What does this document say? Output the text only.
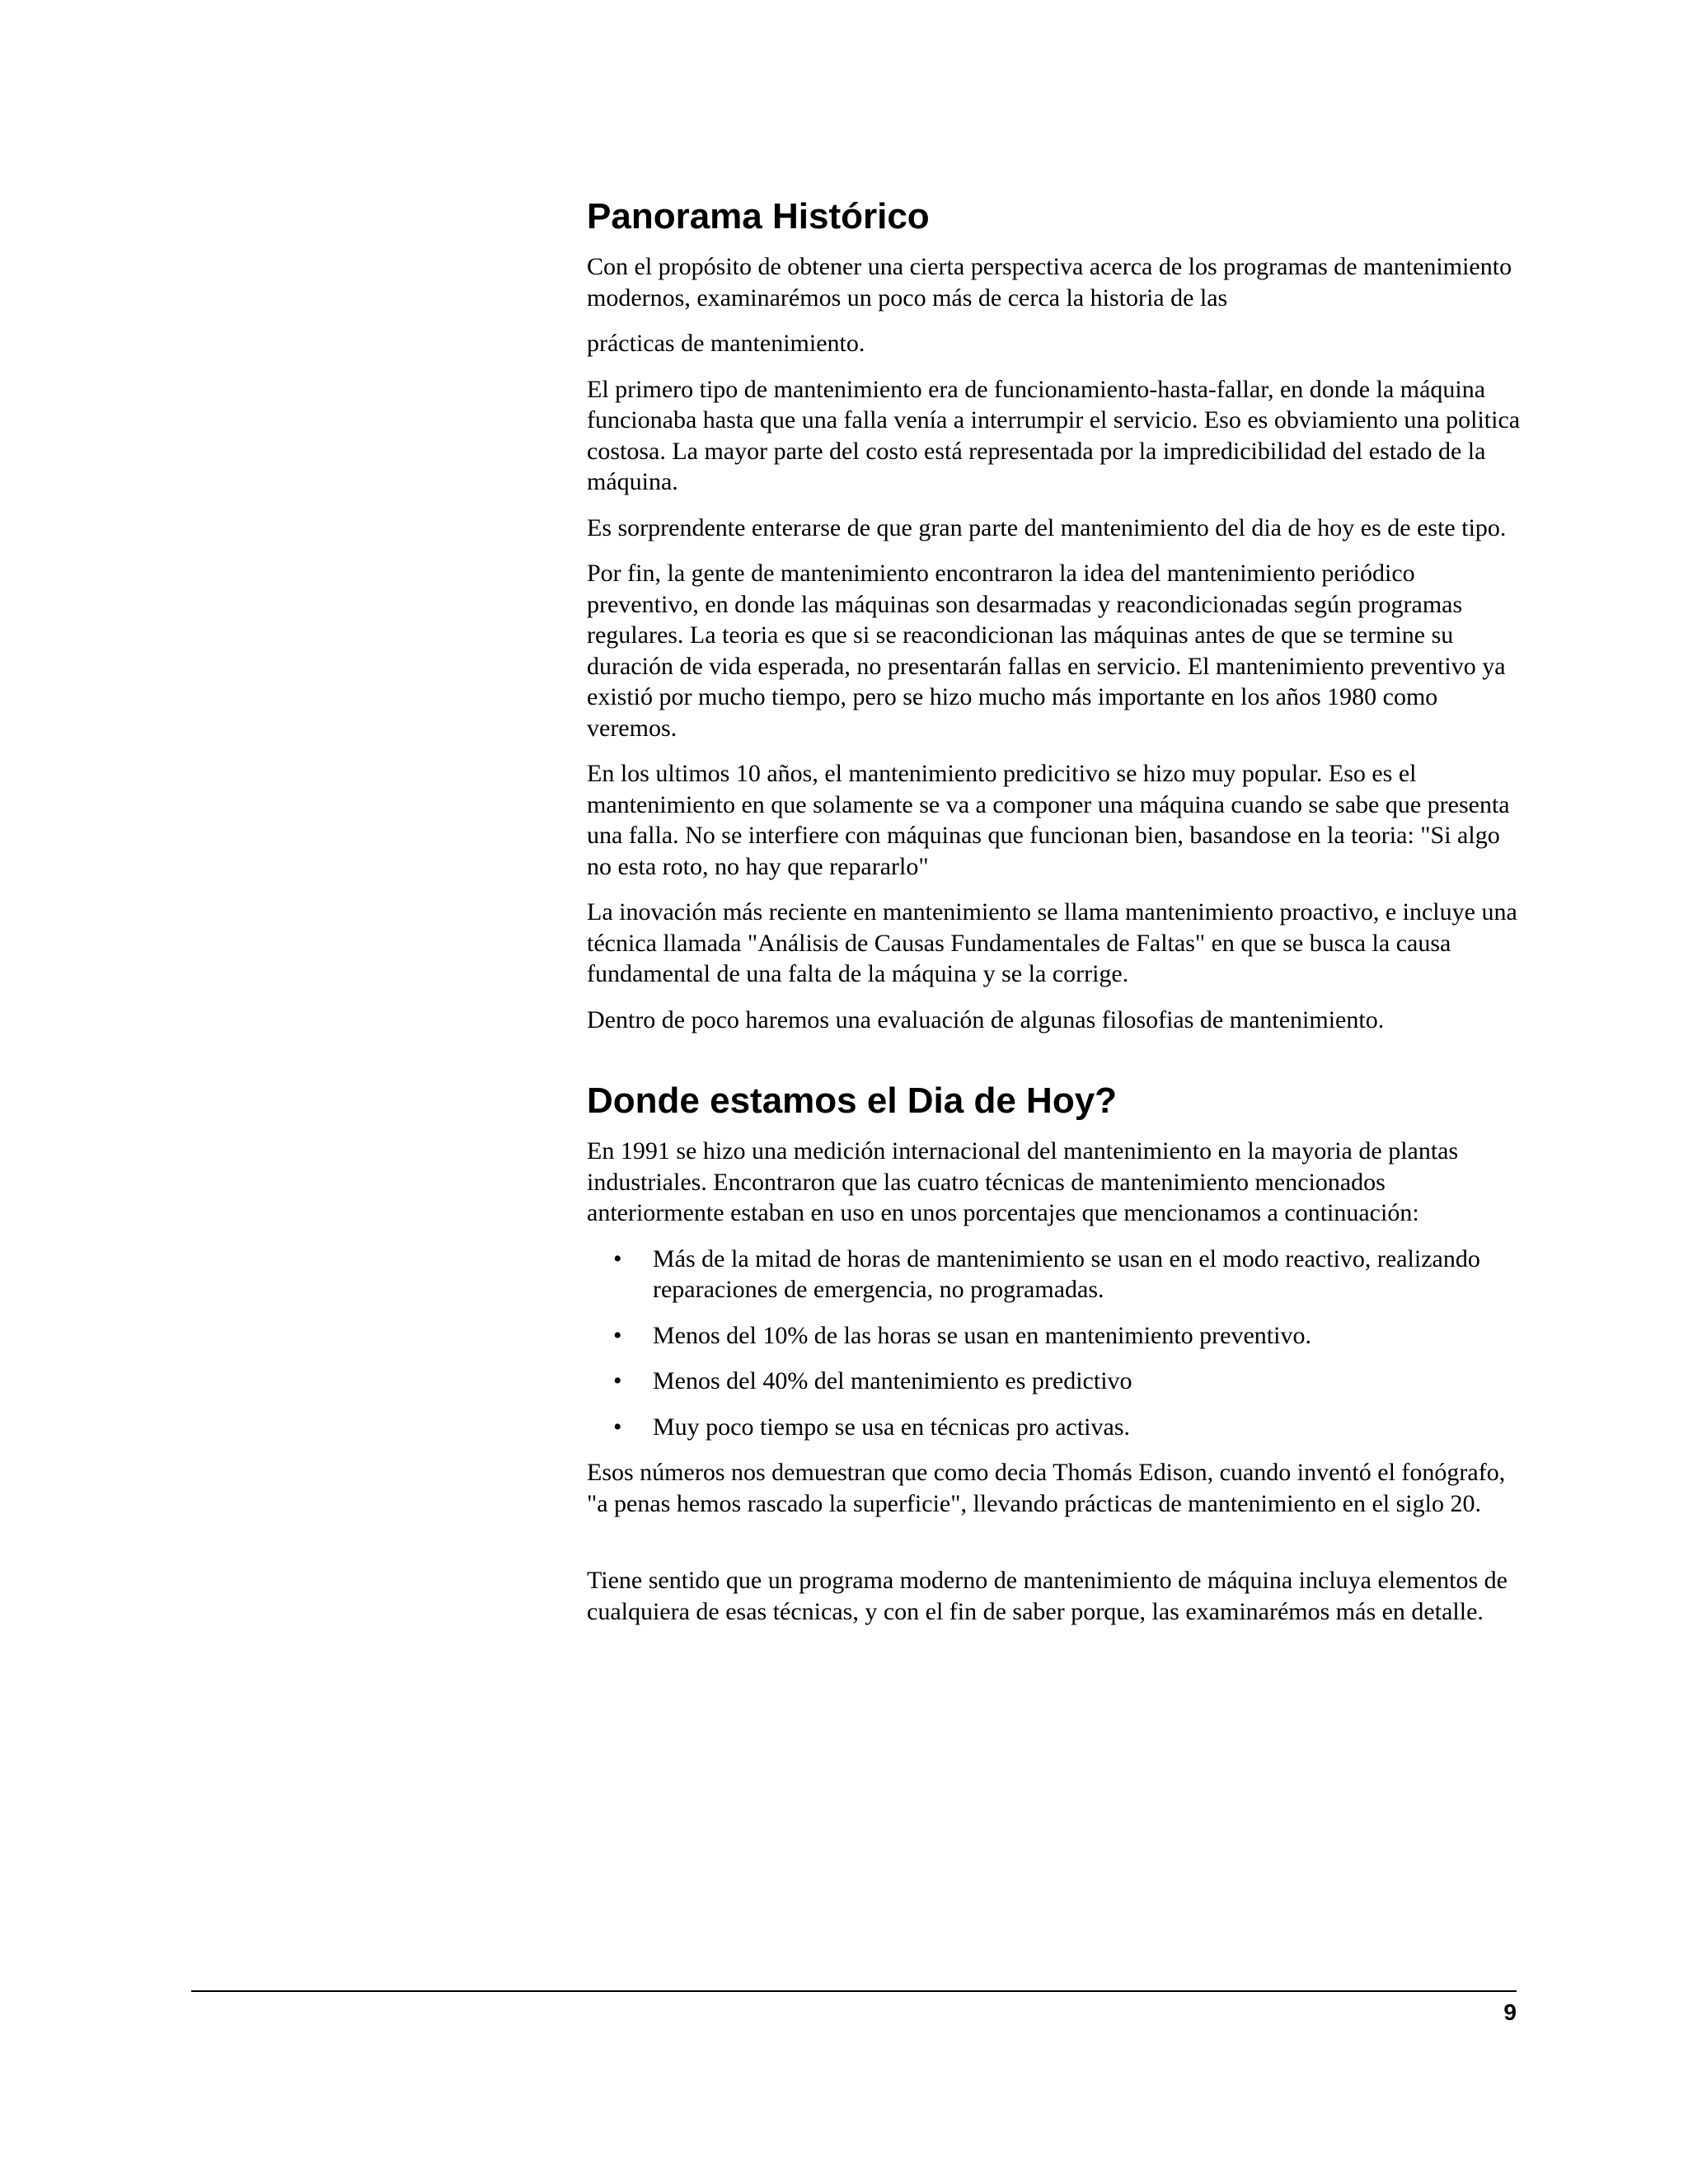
Panorama Histórico

Con el propósito de obtener una cierta perspectiva acerca de los programas de mantenimiento modernos, examinarémos un poco más de cerca la historia de las

prácticas de mantenimiento.

El primero tipo de mantenimiento era de funcionamiento-hasta-fallar, en donde la máquina funcionaba hasta que una falla venía a interrumpir el servicio. Eso es obviamiento una politica costosa. La mayor parte del costo está representada por la impredicibilidad del estado de la máquina.

Es sorprendente enterarse de que gran parte del mantenimiento del dia de hoy es de este tipo.

Por fin, la gente de mantenimiento encontraron la idea del mantenimiento periódico preventivo, en donde las máquinas son desarmadas y reacondicionadas según programas regulares. La teoria es que si se reacondicionan las máquinas antes de que se termine su duración de vida esperada, no presentarán fallas en servicio. El mantenimiento preventivo ya existió por mucho tiempo, pero se hizo mucho más importante en los años 1980 como veremos.

En los ultimos 10 años, el mantenimiento predicitivo se hizo muy popular. Eso es el mantenimiento en que solamente se va a componer una máquina cuando se sabe que presenta una falla. No se interfiere con máquinas que funcionan bien, basandose en la teoria: "Si algo no esta roto, no hay que repararlo"

La inovación más reciente en mantenimiento se llama mantenimiento proactivo, e incluye una técnica llamada "Análisis de Causas Fundamentales de Faltas" en que se busca la causa fundamental de una falta de la máquina y se la corrige.

Dentro de poco haremos una evaluación de algunas filosofias de mantenimiento.

Donde estamos el Dia de Hoy?

En 1991 se hizo una medición internacional del mantenimiento en la mayoria de plantas industriales. Encontraron que las cuatro técnicas de mantenimiento mencionados anteriormente estaban en uso en unos porcentajes que mencionamos a continuación:

• Más de la mitad de horas de mantenimiento se usan en el modo reactivo, realizando reparaciones de emergencia, no programadas.
• Menos del 10% de las horas se usan en mantenimiento preventivo.
• Menos del 40% del mantenimiento es predictivo
• Muy poco tiempo se usa en técnicas pro activas.

Esos números nos demuestran que como decia Thomás Edison, cuando inventó el fonógrafo, "a penas hemos rascado la superficie", llevando prácticas de mantenimiento en el siglo 20.

Tiene sentido que un programa moderno de mantenimiento de máquina incluya elementos de cualquiera de esas técnicas, y con el fin de saber porque, las examinarémos más en detalle.

9
